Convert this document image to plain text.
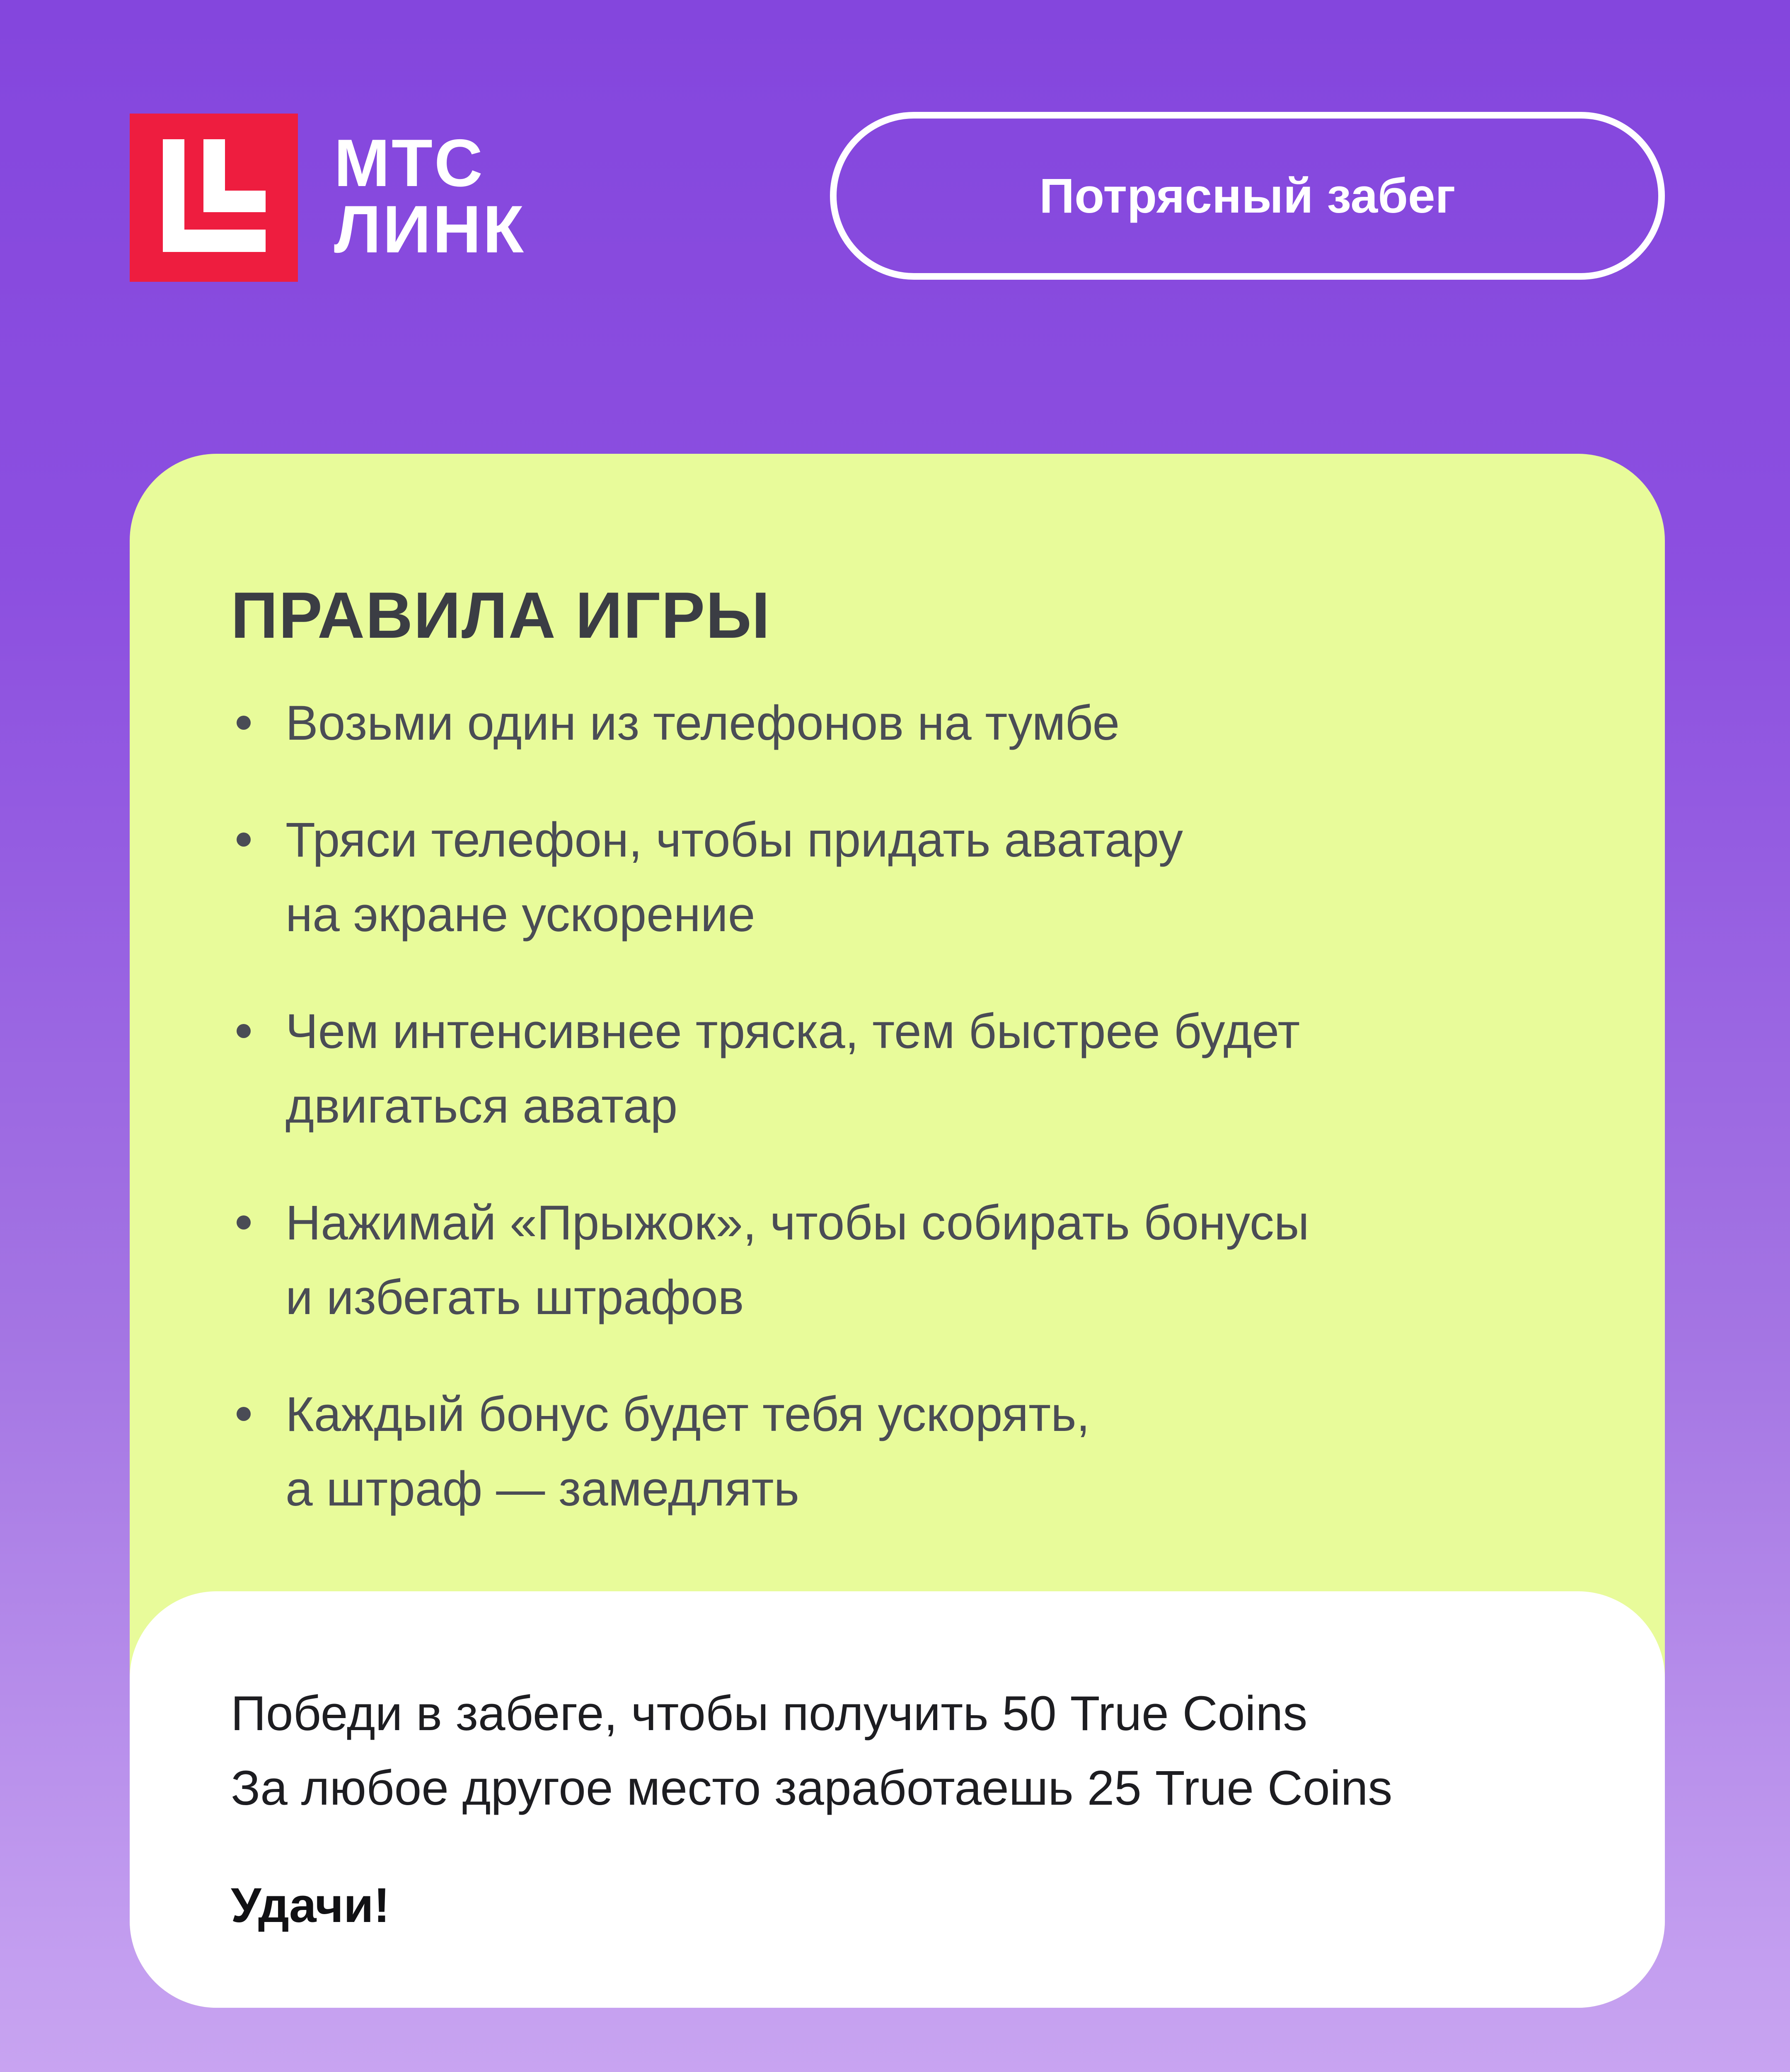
МТС
ЛИНК	Потрясный забег
ПРАВИЛА ИГРЫ
Возьми один из телефонов на тумбе
Тряси телефон, чтобы придать аватару
на экране ускорение
Чем интенсивнее тряска, тем быстрее будет
двигаться аватар
Нажимай «Прыжок», чтобы собирать бонусы
и избегать штрафов
Каждый бонус будет тебя ускорять,
а штраф — замедлять
Победи в забеге, чтобы получить 50 True Coins
За любое другое место заработаешь 25 True Coins
Удачи!
